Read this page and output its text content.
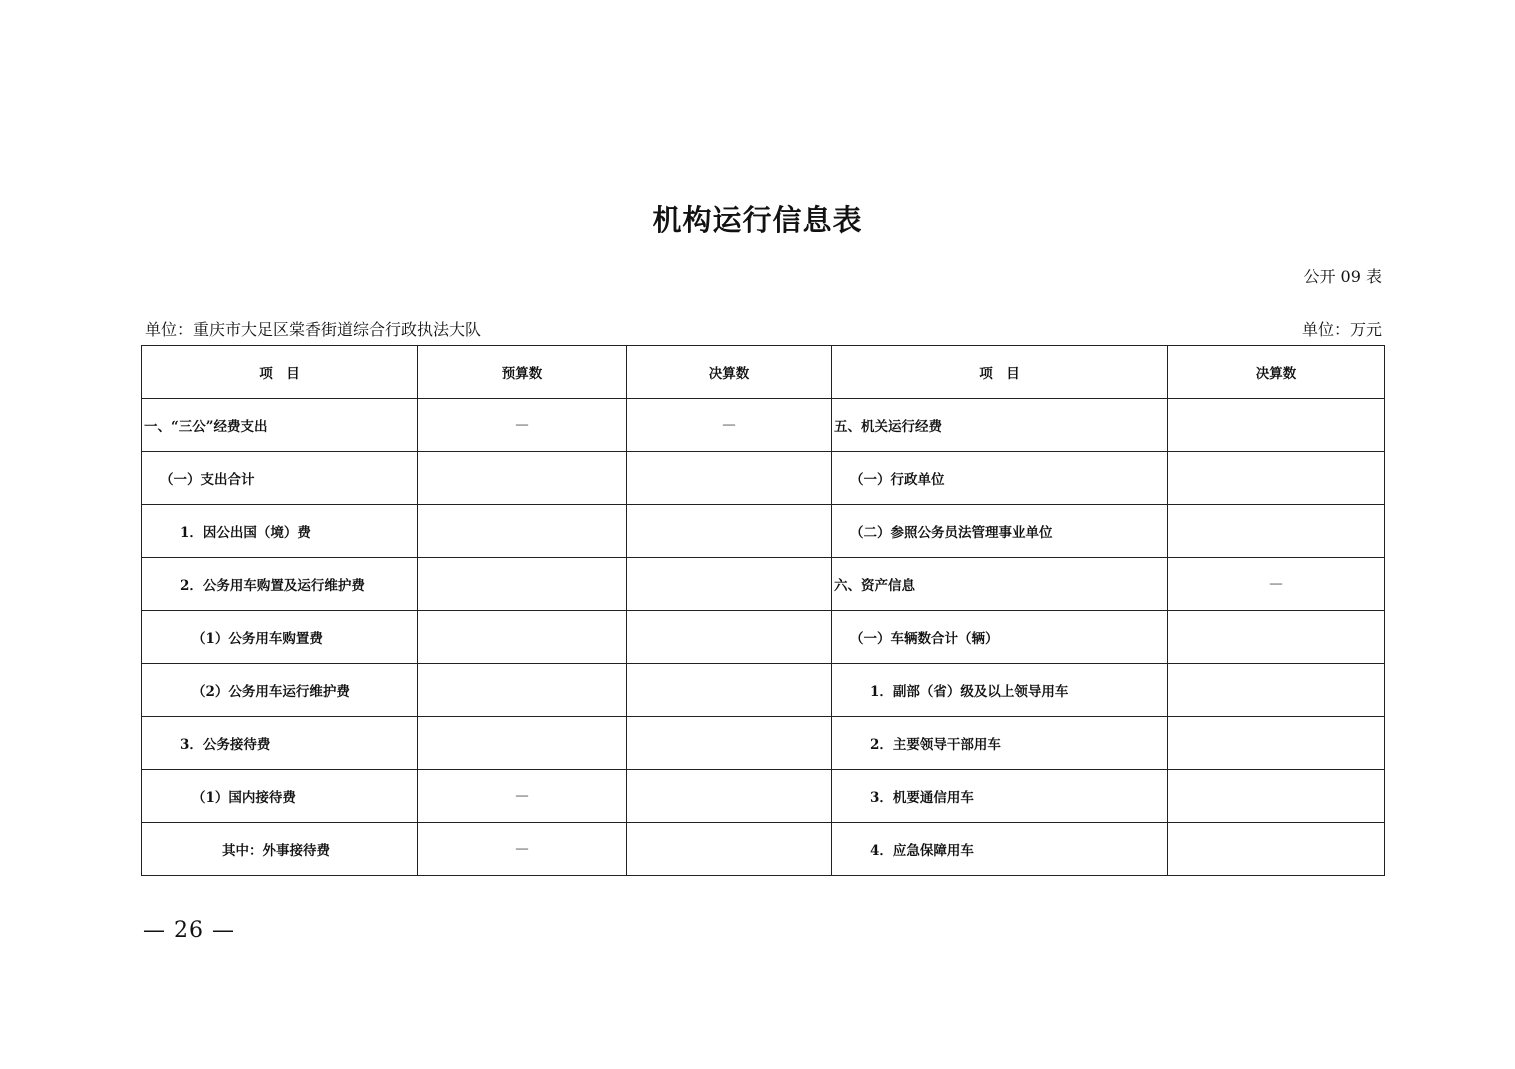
机构运行信息表
公开 09 表
单位：重庆市大足区棠香街道综合行政执法大队	单位：万元
项　目	预算数	决算数	项　目	决算数
一、“三公”经费支出	—	—	五、机关运行经费	
（一）支出合计			（一）行政单位	
1．因公出国（境）费			（二）参照公务员法管理事业单位	
2．公务用车购置及运行维护费			六、资产信息	—
（1）公务用车购置费			（一）车辆数合计（辆）	
（2）公务用车运行维护费			1．副部（省）级及以上领导用车	
3．公务接待费			2．主要领导干部用车	
（1）国内接待费	—		3．机要通信用车	
其中：外事接待费	—		4．应急保障用车	
— 26 —
